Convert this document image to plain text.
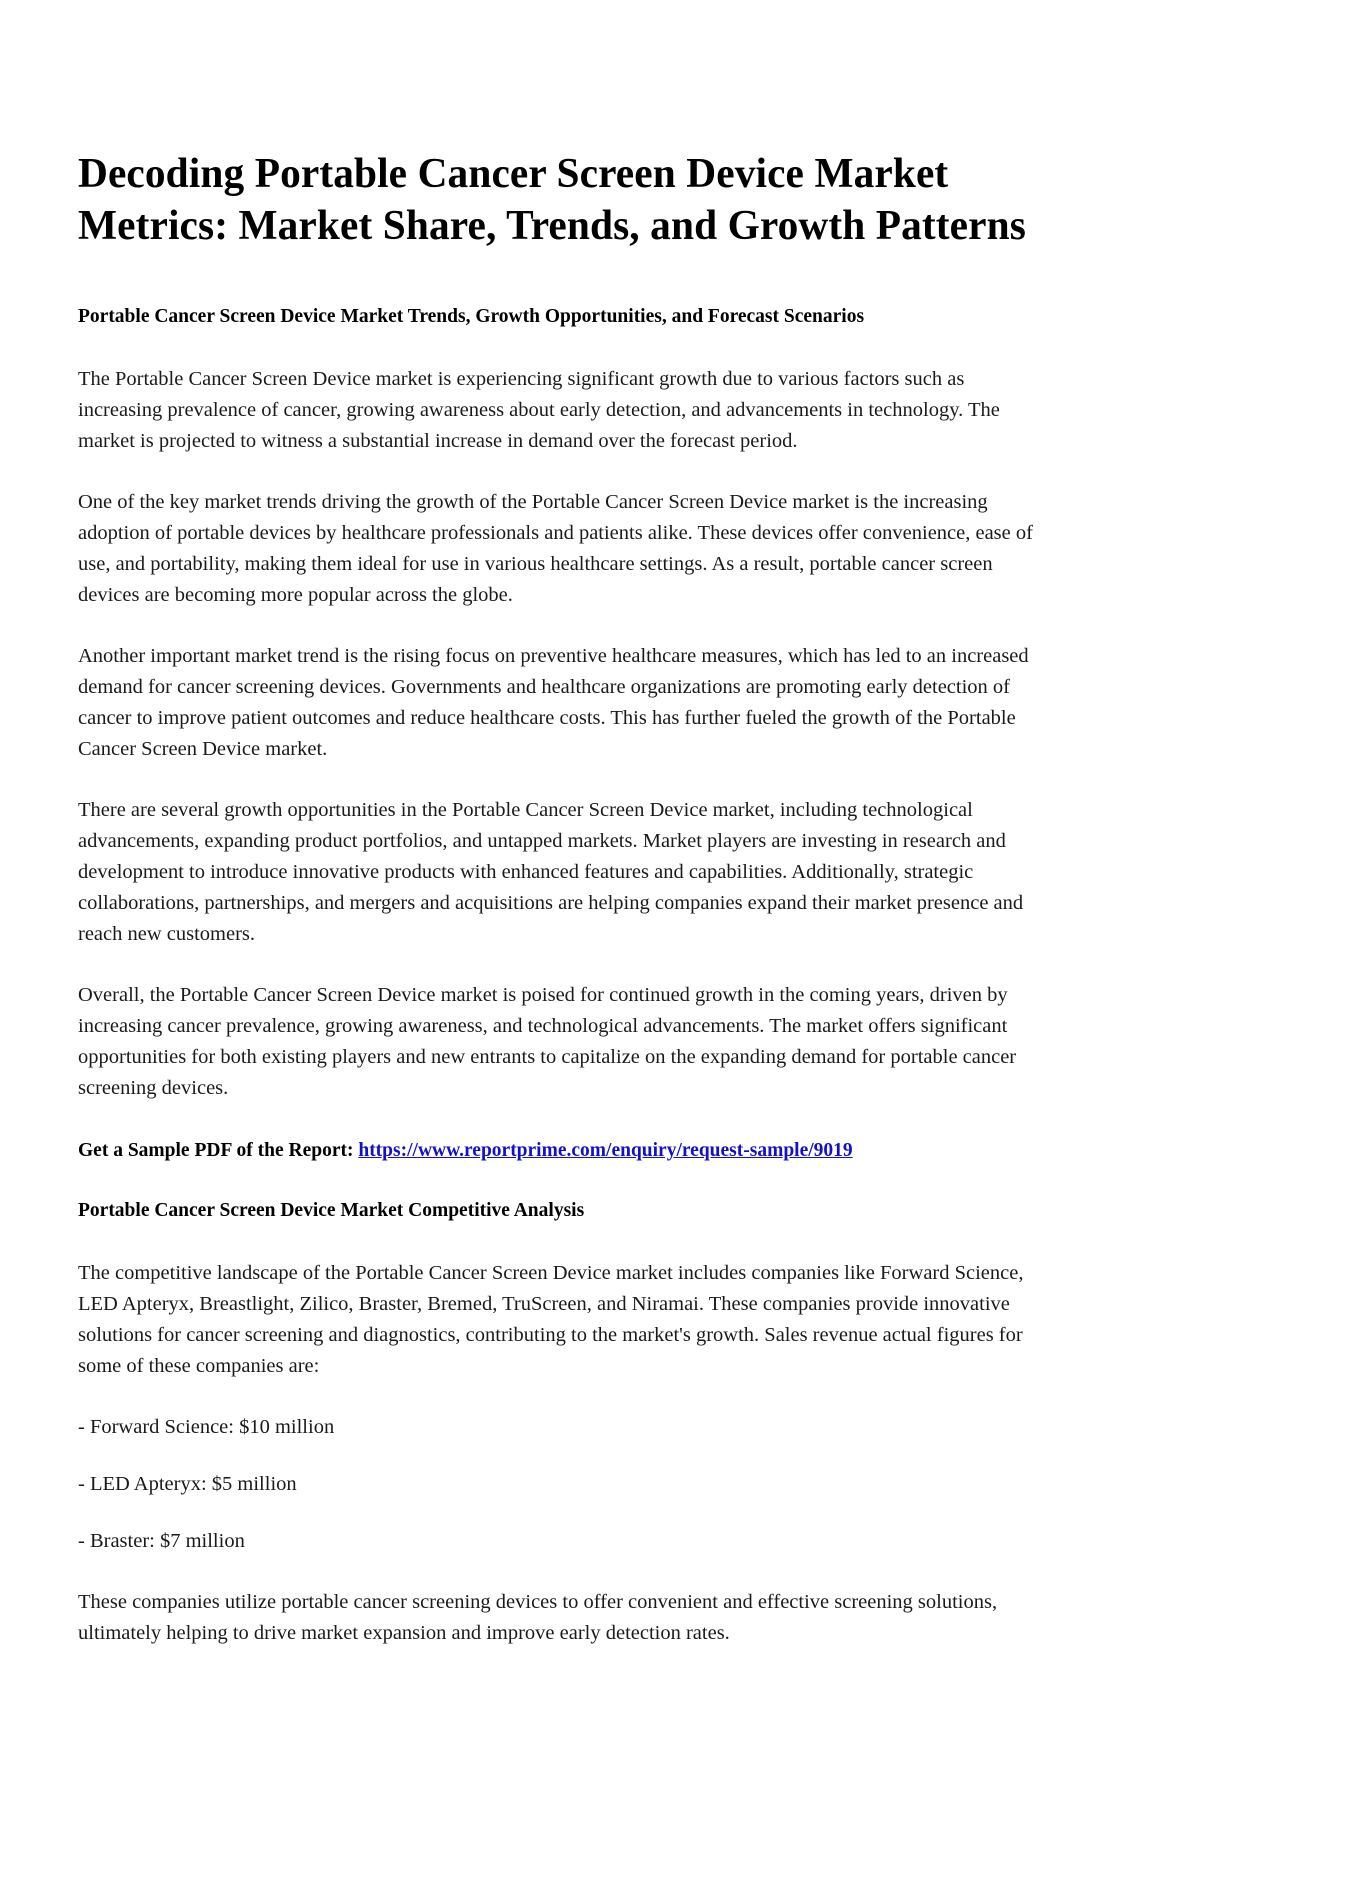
Decoding Portable Cancer Screen Device Market Metrics: Market Share, Trends, and Growth Patterns

Portable Cancer Screen Device Market Trends, Growth Opportunities, and Forecast Scenarios

The Portable Cancer Screen Device market is experiencing significant growth due to various factors such as increasing prevalence of cancer, growing awareness about early detection, and advancements in technology. The market is projected to witness a substantial increase in demand over the forecast period.

One of the key market trends driving the growth of the Portable Cancer Screen Device market is the increasing adoption of portable devices by healthcare professionals and patients alike. These devices offer convenience, ease of use, and portability, making them ideal for use in various healthcare settings. As a result, portable cancer screen devices are becoming more popular across the globe.

Another important market trend is the rising focus on preventive healthcare measures, which has led to an increased demand for cancer screening devices. Governments and healthcare organizations are promoting early detection of cancer to improve patient outcomes and reduce healthcare costs. This has further fueled the growth of the Portable Cancer Screen Device market.

There are several growth opportunities in the Portable Cancer Screen Device market, including technological advancements, expanding product portfolios, and untapped markets. Market players are investing in research and development to introduce innovative products with enhanced features and capabilities. Additionally, strategic collaborations, partnerships, and mergers and acquisitions are helping companies expand their market presence and reach new customers.

Overall, the Portable Cancer Screen Device market is poised for continued growth in the coming years, driven by increasing cancer prevalence, growing awareness, and technological advancements. The market offers significant opportunities for both existing players and new entrants to capitalize on the expanding demand for portable cancer screening devices.

Get a Sample PDF of the Report: https://www.reportprime.com/enquiry/request-sample/9019

Portable Cancer Screen Device Market Competitive Analysis

The competitive landscape of the Portable Cancer Screen Device market includes companies like Forward Science, LED Apteryx, Breastlight, Zilico, Braster, Bremed, TruScreen, and Niramai. These companies provide innovative solutions for cancer screening and diagnostics, contributing to the market's growth. Sales revenue actual figures for some of these companies are:

- Forward Science: $10 million

- LED Apteryx: $5 million

- Braster: $7 million

These companies utilize portable cancer screening devices to offer convenient and effective screening solutions, ultimately helping to drive market expansion and improve early detection rates.
